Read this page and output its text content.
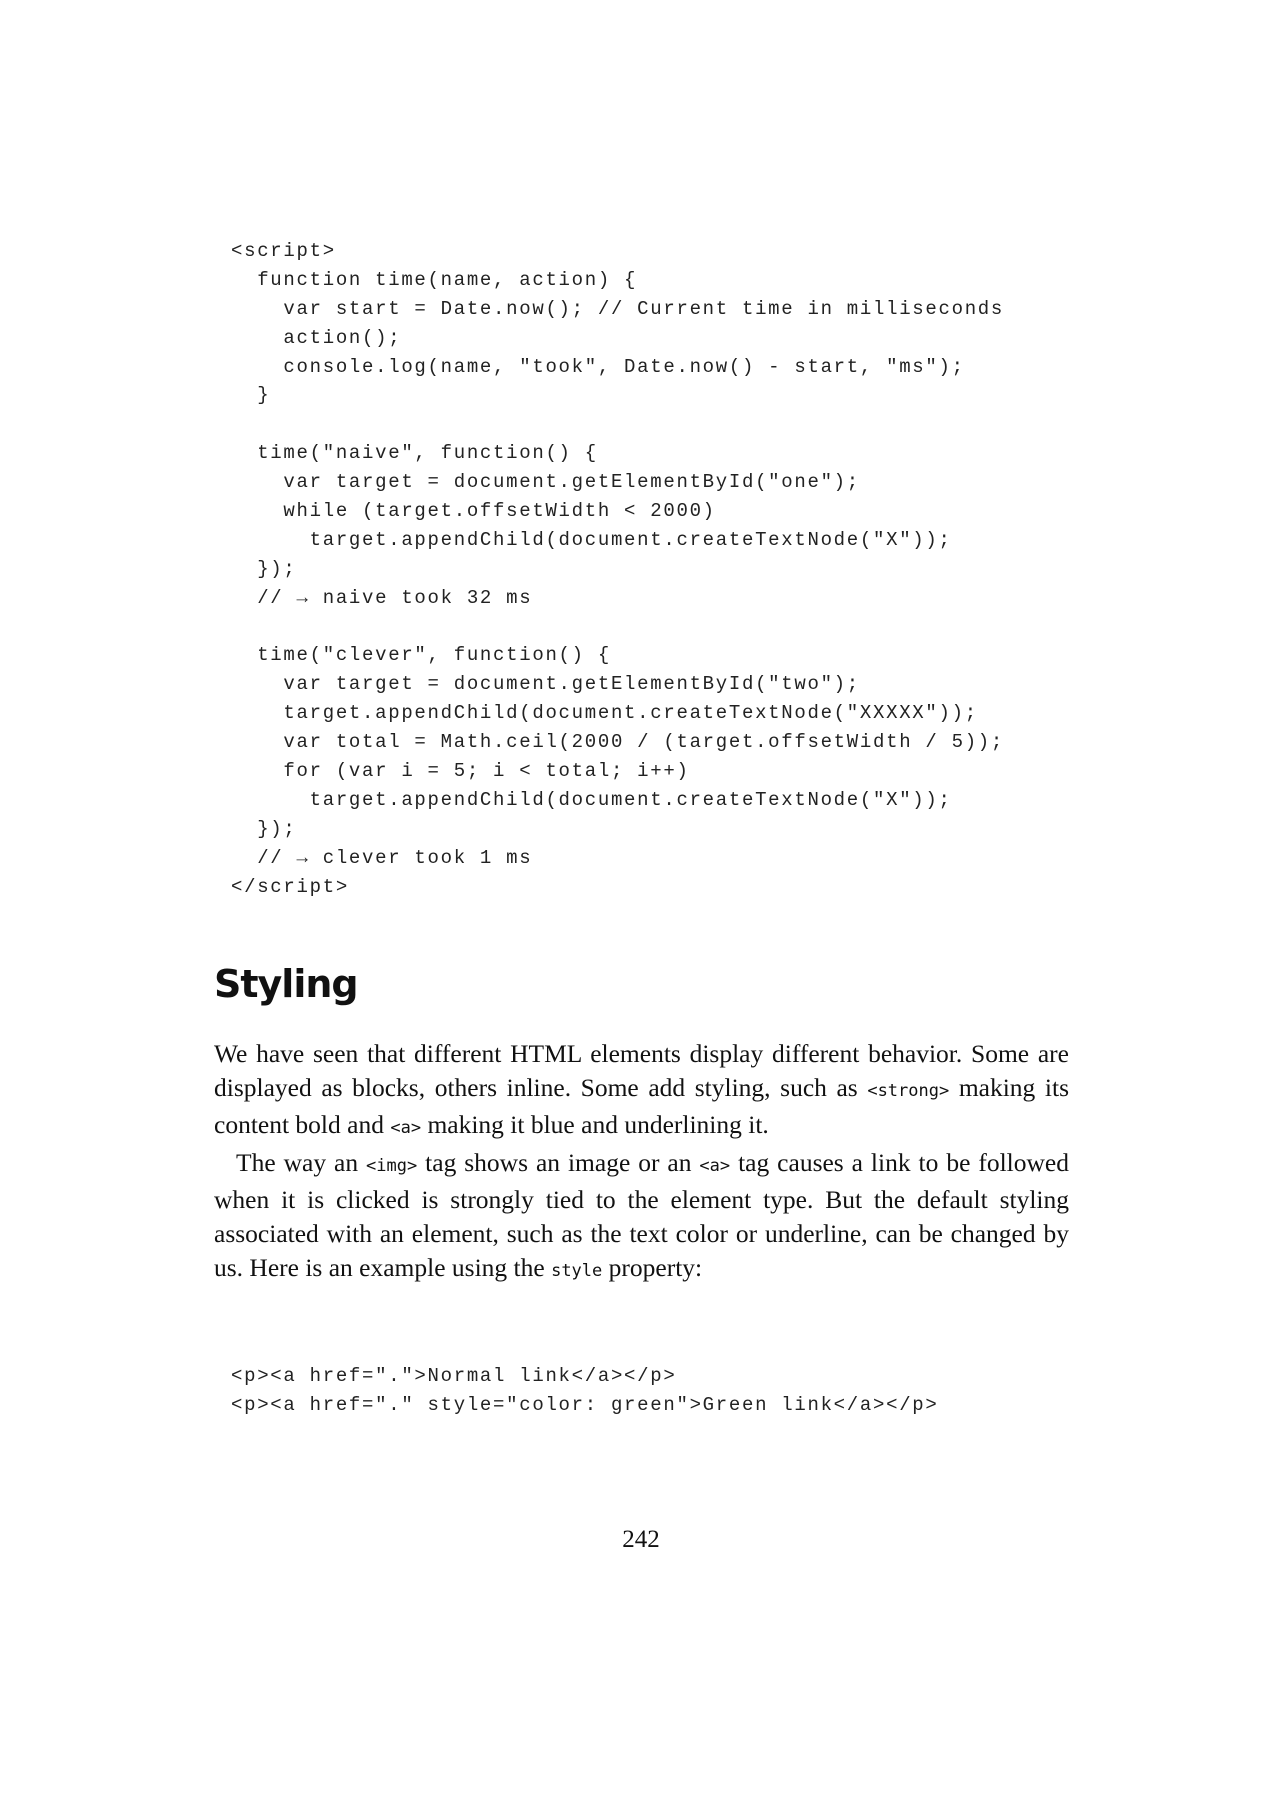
<script>
function time(name, action) {
var start = Date.now(); // Current time in milliseconds
action();
console.log(name, "took", Date.now() - start, "ms");
}
time("naive", function() {
var target = document.getElementById("one");
while (target.offsetWidth < 2000)
target.appendChild(document.createTextNode("X"));
});
// → naive took 32 ms
time("clever", function() {
var target = document.getElementById("two");
target.appendChild(document.createTextNode("XXXXX"));
var total = Math.ceil(2000 / (target.offsetWidth / 5));
for (var i = 5; i < total; i++)
target.appendChild(document.createTextNode("X"));
});
// → clever took 1 ms
</script>
Styling

We have seen that different HTML elements display different behavior. Some are displayed as blocks, others inline. Some add styling, such as <strong> making its content bold and <a> making it blue and underlining it.

The way an <img> tag shows an image or an <a> tag causes a link to be followed when it is clicked is strongly tied to the element type. But the default styling associated with an element, such as the text color or underline, can be changed by us. Here is an example using the style property:

<p><a href=".">Normal link</a></p>
<p><a href="." style="color: green">Green link</a></p>
242
